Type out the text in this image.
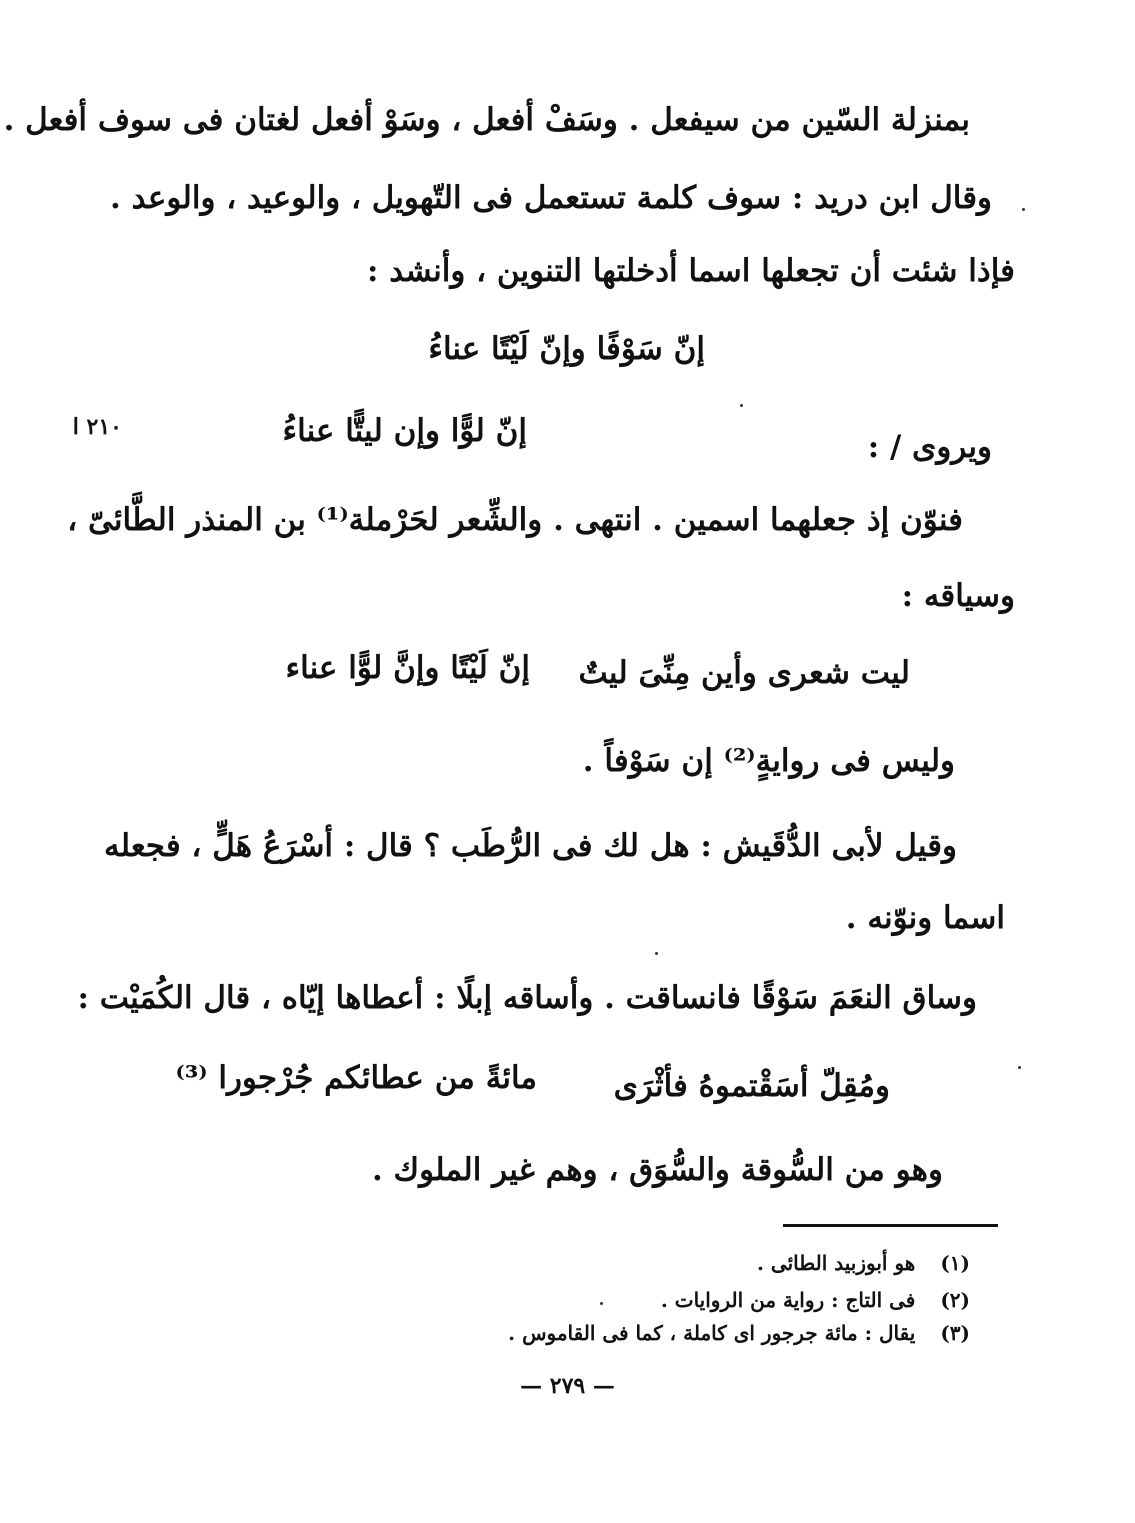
بمنزلة السّين من سيفعل . وسَفْ أفعل ، وسَوْ أفعل لغتان فى سوف أفعل .
وقال ابن دريد : سوف كلمة تستعمل فى التّهويل ، والوعيد ، والوعد .
فإذا شئت أن تجعلها اسما أدخلتها التنوين ، وأنشد :
إنّ سَوْفًا وإنّ لَيْتًا عناءُ
ويروى / :
إنّ لوًّا وإن ليتًّا عناءُ
٢١٠ ا
فنوّن إذ جعلهما اسمين . انتهى . والشِّعر لحَرْملة⁽¹⁾ بن المنذر الطَّائىّ ،
وسياقه :
ليت شعرى وأين مِنِّىَ ليتٌ
إنّ لَيْتًا وإنَّ لوًّا عناء
وليس فى روايةٍ⁽²⁾ إن سَوْفاً .
وقيل لأبى الدُّقَيش : هل لك فى الرُّطَب ؟ قال : أسْرَعُ هَلٍّ ، فجعله
اسما ونوّنه .
وساق النعَمَ سَوْقًا فانساقت . وأساقه إبلًا : أعطاها إيّاه ، قال الكُمَيْت :
ومُقِلّ أسَقْتموهُ فأثْرَى
مائةً من عطائكم جُرْجورا ⁽³⁾
وهو من السُّوقة والسُّوَق ، وهم غير الملوك .
(١) هو أبوزبيد الطائى .
(٢) فى التاج : رواية من الروايات .
(٣) يقال : مائة جرجور اى كاملة ، كما فى القاموس .
— ٢٧٩ —
